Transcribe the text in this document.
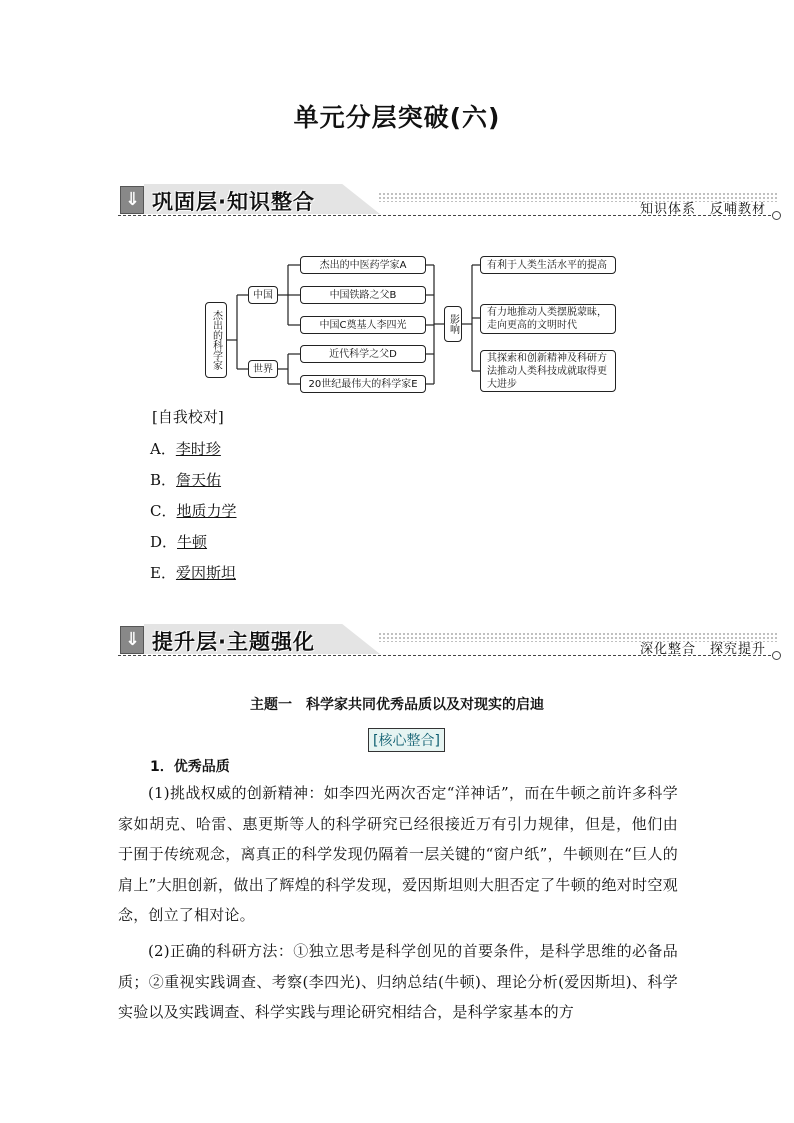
单元分层突破(六)
⇓ 巩固层·知识整合	知识体系　反哺教材
杰出的科学家
中国
世界
杰出的中医药学家A
中国铁路之父B
中国C奠基人李四光
近代科学之父D
20世纪最伟大的科学家E
影响
有利于人类生活水平的提高
有力地推动人类摆脱蒙昧，走向更高的文明时代
其探索和创新精神及科研方法推动人类科技成就取得更大进步
[自我校对]
A．李时珍
B．詹天佑
C．地质力学
D．牛顿
E．爱因斯坦
⇓ 提升层·主题强化	深化整合　探究提升
主题一　科学家共同优秀品质以及对现实的启迪
[核心整合]
1．优秀品质
(1)挑战权威的创新精神：如李四光两次否定“洋神话”，而在牛顿之前许多科学家如胡克、哈雷、惠更斯等人的科学研究已经很接近万有引力规律，但是，他们由于囿于传统观念，离真正的科学发现仍隔着一层关键的“窗户纸”，牛顿则在“巨人的肩上”大胆创新，做出了辉煌的科学发现，爱因斯坦则大胆否定了牛顿的绝对时空观念，创立了相对论。
(2)正确的科研方法：①独立思考是科学创见的首要条件，是科学思维的必备品质；②重视实践调查、考察(李四光)、归纳总结(牛顿)、理论分析(爱因斯坦)、科学实验以及实践调查、科学实践与理论研究相结合，是科学家基本的方
